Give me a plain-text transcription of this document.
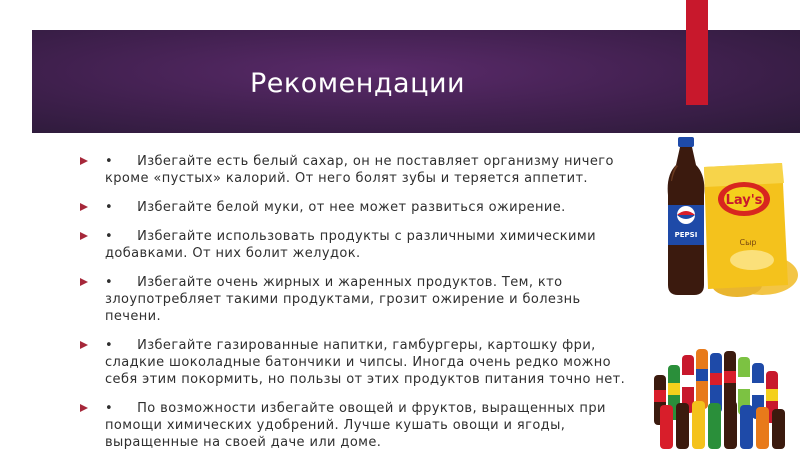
Рекомендации
• Избегайте есть белый сахар, он не поставляет организму ничего кроме «пустых» калорий. От него болят зубы и теряется аппетит.
• Избегайте белой муки, от нее может развиться ожирение.
• Избегайте использовать продукты с различными химическими добавками. От них болит желудок.
• Избегайте очень жирных и жаренных продуктов. Тем, кто злоупотребляет такими продуктами, грозит ожирение и болезнь печени.
• Избегайте газированные напитки, гамбургеры, картошку фри, сладкие шоколадные батончики и чипсы. Иногда очень редко можно себя этим покормить, но пользы от этих продуктов питания точно нет.
• По возможности избегайте овощей и фруктов, выращенных при помощи химических удобрений. Лучше кушать овощи и ягоды, выращенные на своей даче или доме.
Lay's
Сыр
PEPSI
